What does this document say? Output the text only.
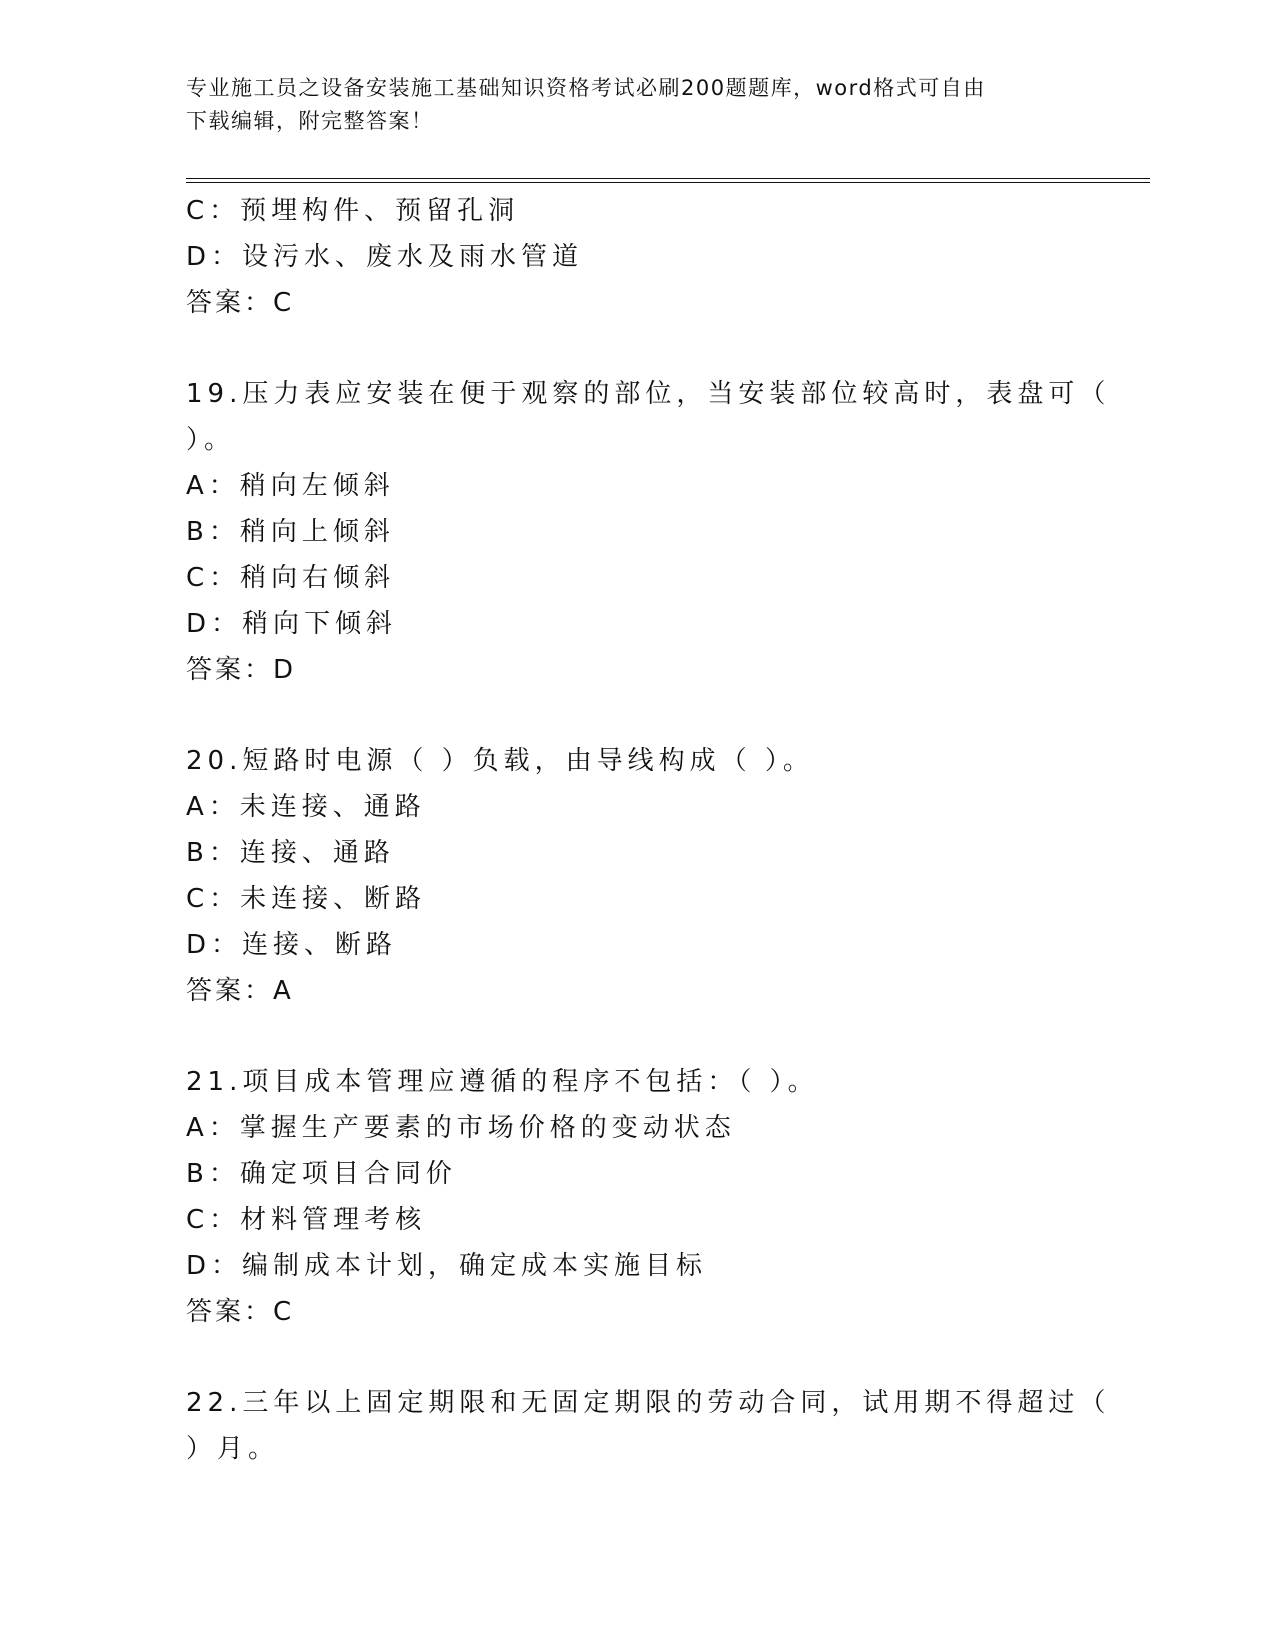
专业施工员之设备安装施工基础知识资格考试必刷200题题库，word格式可自由
下载编辑，附完整答案！
C：预埋构件、预留孔洞
D：设污水、废水及雨水管道
答案：C
19.压力表应安装在便于观察的部位，当安装部位较高时，表盘可（
）。
A：稍向左倾斜
B：稍向上倾斜
C：稍向右倾斜
D：稍向下倾斜
答案：D
20.短路时电源（ ）负载，由导线构成（ ）。
A：未连接、通路
B：连接、通路
C：未连接、断路
D：连接、断路
答案：A
21.项目成本管理应遵循的程序不包括：（ ）。
A：掌握生产要素的市场价格的变动状态
B：确定项目合同价
C：材料管理考核
D：编制成本计划，确定成本实施目标
答案：C
22.三年以上固定期限和无固定期限的劳动合同，试用期不得超过（
）月。
